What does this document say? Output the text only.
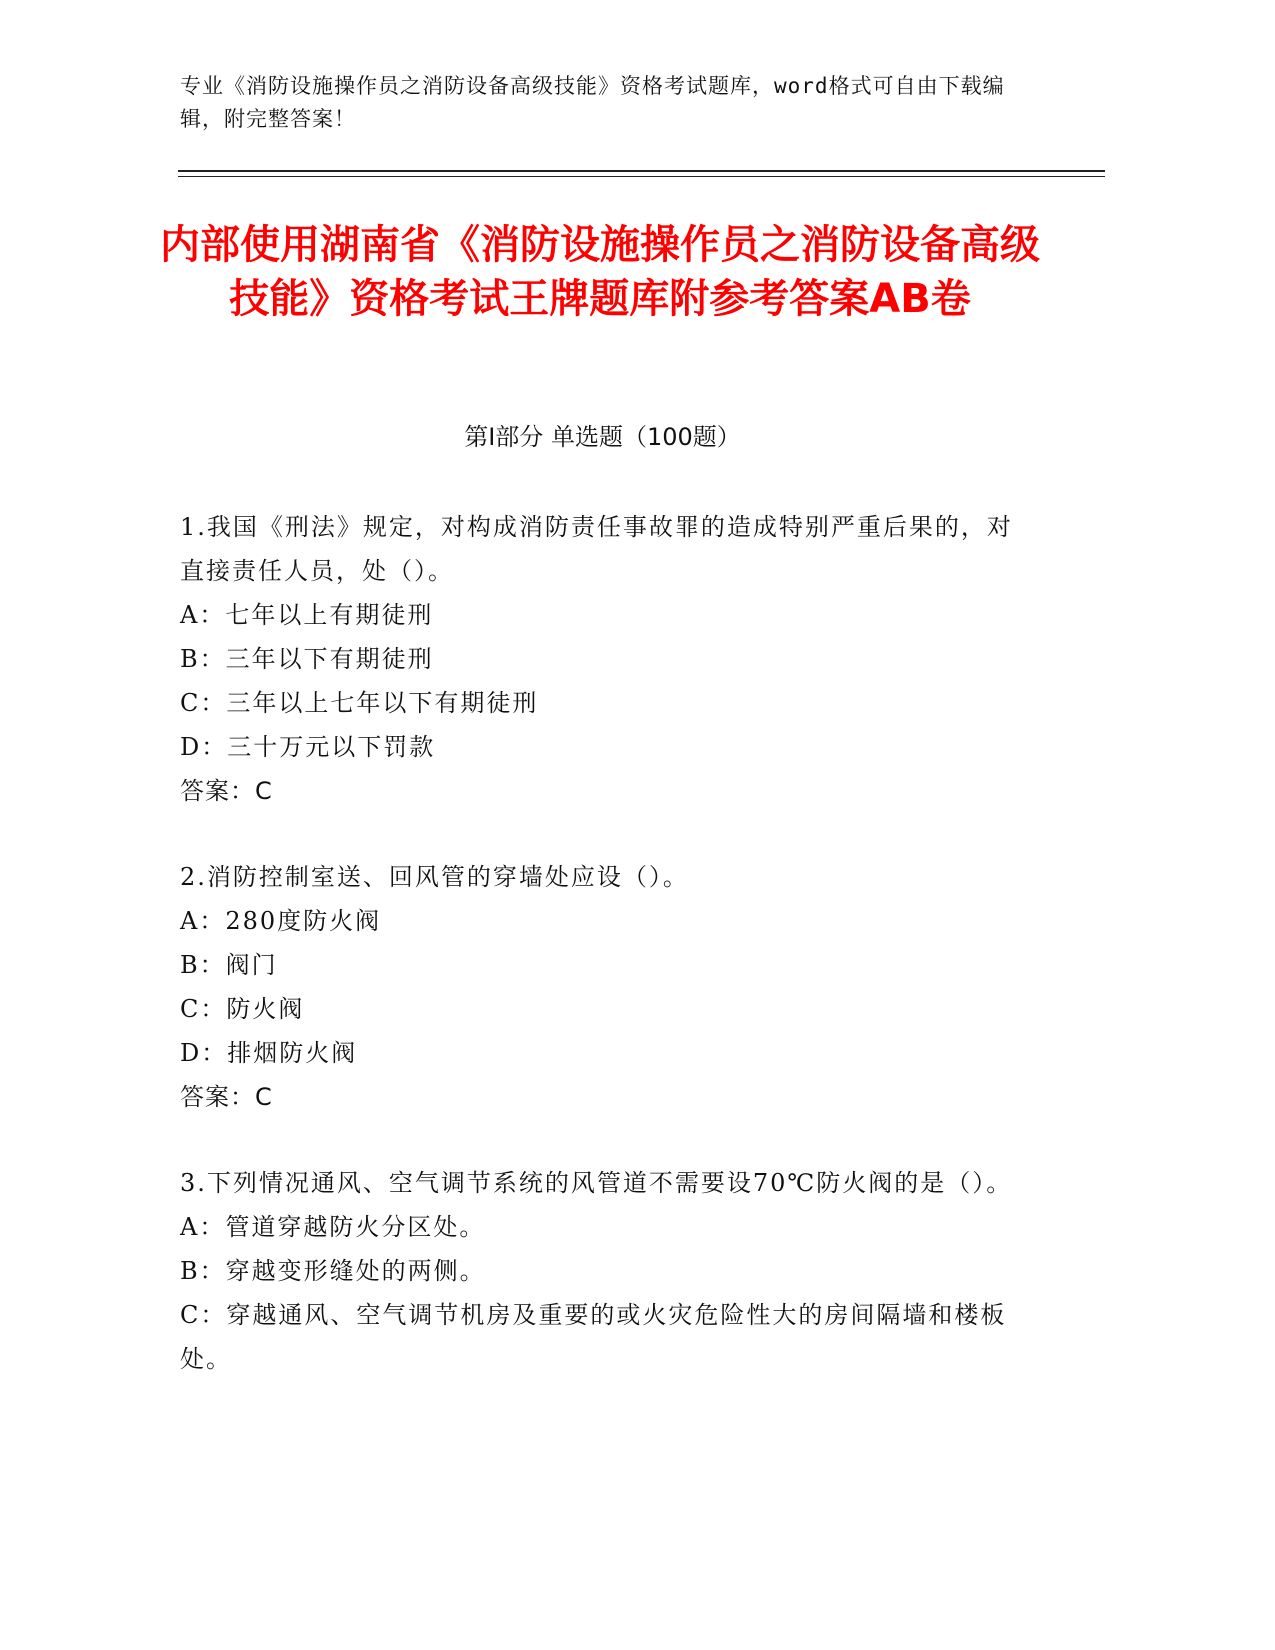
专业《消防设施操作员之消防设备高级技能》资格考试题库，word格式可自由下载编辑，附完整答案！
内部使用湖南省《消防设施操作员之消防设备高级技能》资格考试王牌题库附参考答案AB卷
第I部分 单选题（100题）

1.我国《刑法》规定，对构成消防责任事故罪的造成特别严重后果的，对直接责任人员，处（）。

A：七年以上有期徒刑

B：三年以下有期徒刑

C：三年以上七年以下有期徒刑

D：三十万元以下罚款

答案：C

2.消防控制室送、回风管的穿墙处应设（）。

A：280度防火阀

B：阀门

C：防火阀

D：排烟防火阀

答案：C

3.下列情况通风、空气调节系统的风管道不需要设70℃防火阀的是（）。

A：管道穿越防火分区处。

B：穿越变形缝处的两侧。

C：穿越通风、空气调节机房及重要的或火灾危险性大的房间隔墙和楼板处。
